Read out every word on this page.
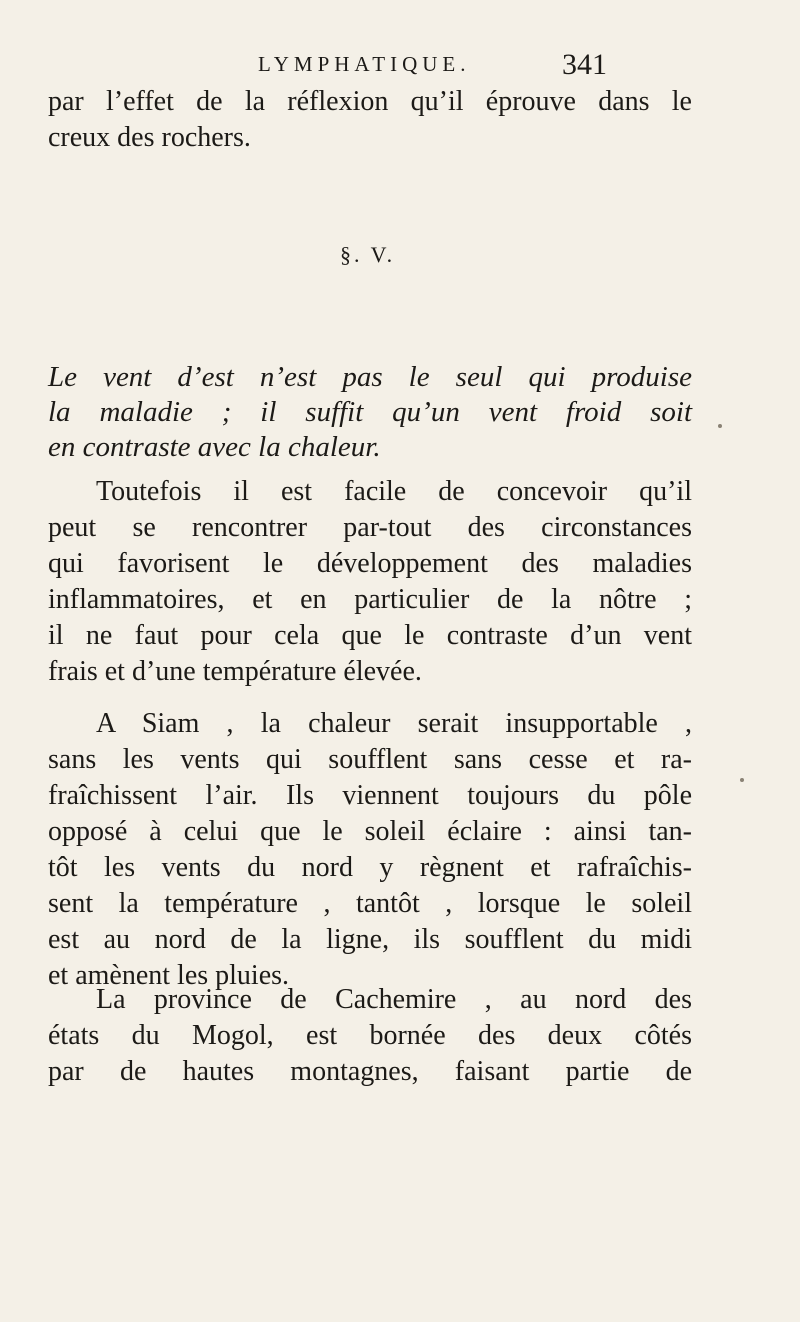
LYMPHATIQUE.	341
par l’effet de la réflexion qu’il éprouve dans le
creux des rochers.
§. V.
Le vent d’est n’est pas le seul qui produise
la maladie ; il suffit qu’un vent froid soit
en contraste avec la chaleur.
Toutefois il est facile de concevoir qu’il
peut se rencontrer par-tout des circonstances
qui favorisent le développement des maladies
inflammatoires, et en particulier de la nôtre ;
il ne faut pour cela que le contraste d’un vent
frais et d’une température élevée.
A Siam , la chaleur serait insupportable ,
sans les vents qui soufflent sans cesse et ra-
fraîchissent l’air. Ils viennent toujours du pôle
opposé à celui que le soleil éclaire : ainsi tan-
tôt les vents du nord y règnent et rafraîchis-
sent la température , tantôt , lorsque le soleil
est au nord de la ligne, ils soufflent du midi
et amènent les pluies.
La province de Cachemire , au nord des
états du Mogol, est bornée des deux côtés
par de hautes montagnes, faisant partie de
